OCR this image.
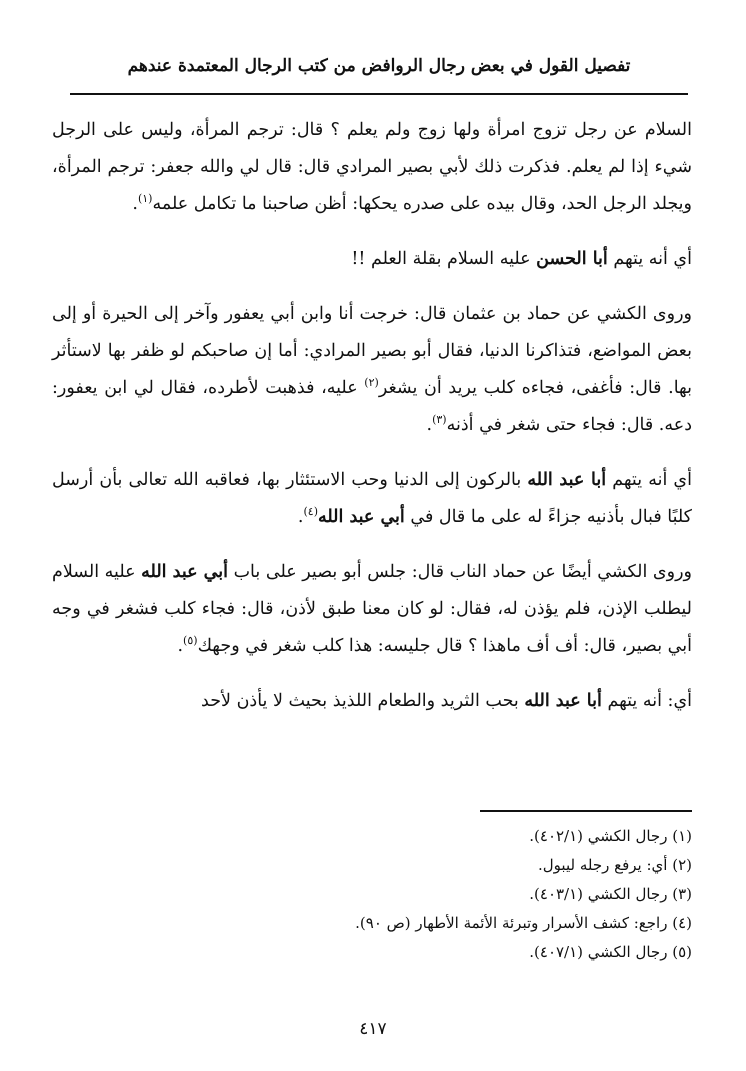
تفصيل القول في بعض رجال الروافض من كتب الرجال المعتمدة عندهم

السلام عن رجل تزوج امرأة ولها زوج ولم يعلم ؟ قال: ترجم المرأة، وليس على الرجل شيء إذا لم يعلم. فذكرت ذلك لأبي بصير المرادي قال: قال لي والله جعفر: ترجم المرأة، ويجلد الرجل الحد، وقال بيده على صدره يحكها: أظن صاحبنا ما تكامل علمه$^{(١)}$.

أي أنه يتهم أبا الحسن عليه السلام بقلة العلم !!

وروى الكشي عن حماد بن عثمان قال: خرجت أنا وابن أبي يعفور وآخر إلى الحيرة أو إلى بعض المواضع، فتذاكرنا الدنيا، فقال أبو بصير المرادي: أما إن صاحبكم لو ظفر بها لاستأثر بها. قال: فأغفى، فجاءه كلب يريد أن يشغر$^{(٢)}$ عليه، فذهبت لأطرده، فقال لي ابن يعفور: دعه. قال: فجاء حتى شغر في أذنه$^{(٣)}$.

أي أنه يتهم أبا عبد الله بالركون إلى الدنيا وحب الاستئثار بها، فعاقبه الله تعالى بأن أرسل كلبًا فبال بأذنيه جزاءً له على ما قال في أبي عبد الله$^{(٤)}$.

وروى الكشي أيضًا عن حماد الناب قال: جلس أبو بصير على باب أبي عبد الله عليه السلام ليطلب الإذن، فلم يؤذن له، فقال: لو كان معنا طبق لأذن، قال: فجاء كلب فشغر في وجه أبي بصير، قال: أف أف ماهذا ؟ قال جليسه: هذا كلب شغر في وجهك$^{(٥)}$.

أي: أنه يتهم أبا عبد الله بحب الثريد والطعام اللذيذ بحيث لا يأذن لأحد

(١) رجال الكشي (٤٠٢/١).
(٢) أي: يرفع رجله ليبول.
(٣) رجال الكشي (٤٠٣/١).
(٤) راجع: كشف الأسرار وتبرئة الأئمة الأطهار (ص ٩٠).
(٥) رجال الكشي (٤٠٧/١).
٤١٧
